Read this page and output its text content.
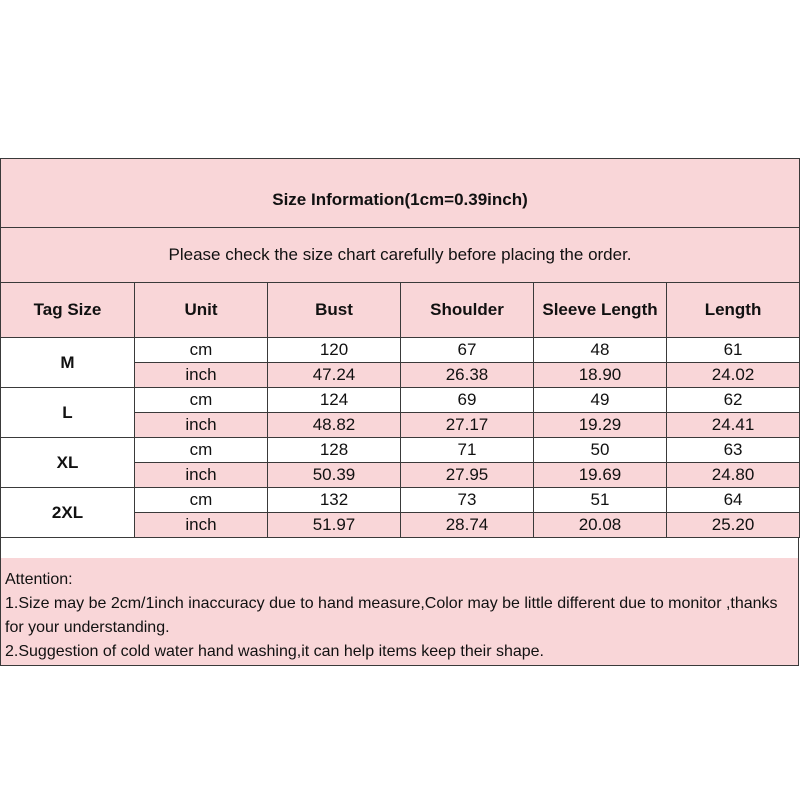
Size Information(1cm=0.39inch)					
Please check the size chart carefully before placing the order.					
Tag Size	Unit	Bust	Shoulder	Sleeve Length	Length
M	cm	120	67	48	61
	inch	47.24	26.38	18.90	24.02
L	cm	124	69	49	62
	inch	48.82	27.17	19.29	24.41
XL	cm	128	71	50	63
	inch	50.39	27.95	19.69	24.80
2XL	cm	132	73	51	64
	inch	51.97	28.74	20.08	25.20

Attention:

1.Size may be 2cm/1inch inaccuracy due to hand measure,Color may be little different due to monitor ,thanks for your understanding.

2.Suggestion of cold water hand washing,it can help items keep their shape.
